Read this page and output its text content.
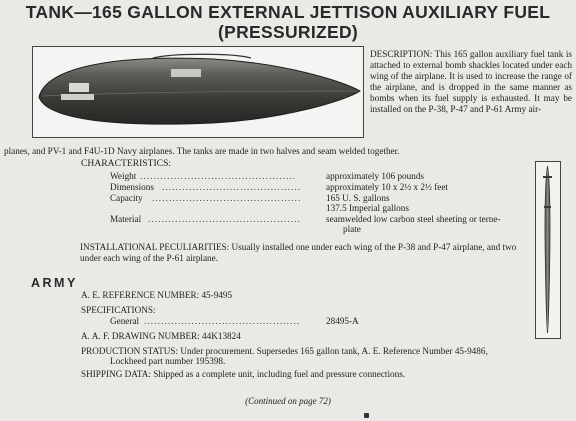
TANK—165 GALLON EXTERNAL JETTISON AUXILIARY FUEL
(PRESSURIZED)
DESCRIPTION: This 165 gallon auxiliary fuel tank is attached to external bomb shackles located under each wing of the airplane. It is used to increase the range of the airplane, and is dropped in the same manner as bombs when its fuel supply is exhausted. It may be installed on the P-38, P-47 and P-61 Army air-
planes, and PV-1 and F4U-1D Navy airplanes. The tanks are made in two halves and seam welded together.
CHARACTERISTICS:
Weight ..............................................	approximately 106 pounds
Dimensions .........................................	approximately 10 x 2½ x 2½ feet
Capacity ............................................	165 U. S. gallons
137.5 Imperial gallons
Material .............................................	seamwelded low carbon steel sheeting or terne-
plate
INSTALLATIONAL PECULIARITIES: Usually installed one under each wing of the P-38 and P-47 airplane, and two under each wing of the P-61 airplane.
ARMY
A. E. REFERENCE NUMBER: 45-9495
SPECIFICATIONS:
General ..............................................	28495-A
A. A. F. DRAWING NUMBER: 44K13824
PRODUCTION STATUS: Under procurement. Supersedes 165 gallon tank, A. E. Reference Number 45-9486,
Lockheed part number 195398.
SHIPPING DATA: Shipped as a complete unit, including fuel and pressure connections.
(Continued on page 72)
